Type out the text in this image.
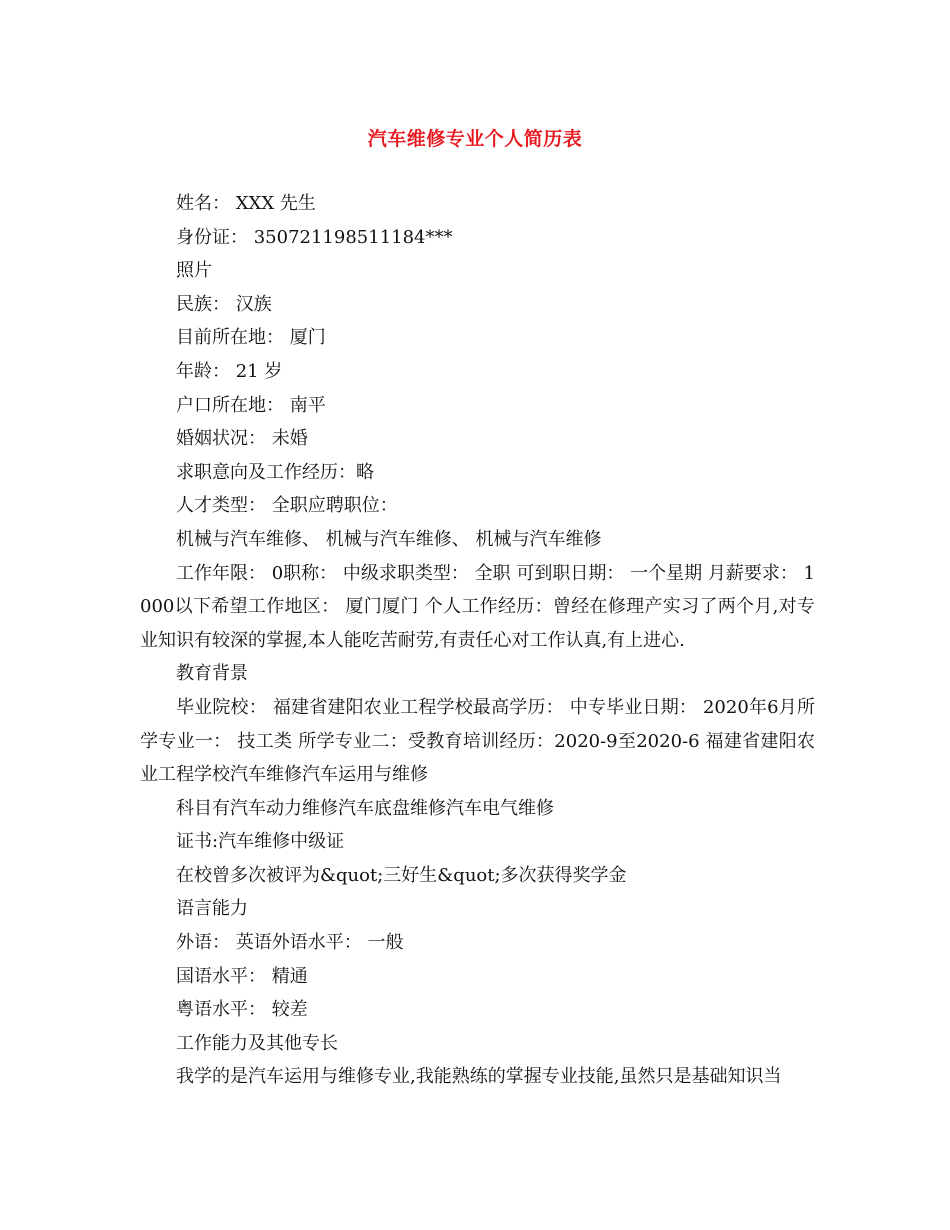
汽车维修专业个人简历表

姓名： XXX 先生

身份证： 350721198511184***

照片

民族： 汉族

目前所在地： 厦门

年龄： 21 岁

户口所在地： 南平

婚姻状况： 未婚

求职意向及工作经历：略

人才类型： 全职应聘职位：

机械与汽车维修、 机械与汽车维修、 机械与汽车维修

工作年限： 0职称： 中级求职类型： 全职 可到职日期： 一个星期 月薪要求： 1000以下希望工作地区： 厦门厦门 个人工作经历：曾经在修理产实习了两个月,对专业知识有较深的掌握,本人能吃苦耐劳,有责任心对工作认真,有上进心.

教育背景

毕业院校： 福建省建阳农业工程学校最高学历： 中专毕业日期： 2020年6月所学专业一： 技工类 所学专业二：受教育培训经历：2020-9至2020-6 福建省建阳农业工程学校汽车维修汽车运用与维修

科目有汽车动力维修汽车底盘维修汽车电气维修

证书:汽车维修中级证

在校曾多次被评为&quot;三好生&quot;多次获得奖学金

语言能力

外语： 英语外语水平： 一般

国语水平： 精通

粤语水平： 较差

工作能力及其他专长

我学的是汽车运用与维修专业,我能熟练的掌握专业技能,虽然只是基础知识当
